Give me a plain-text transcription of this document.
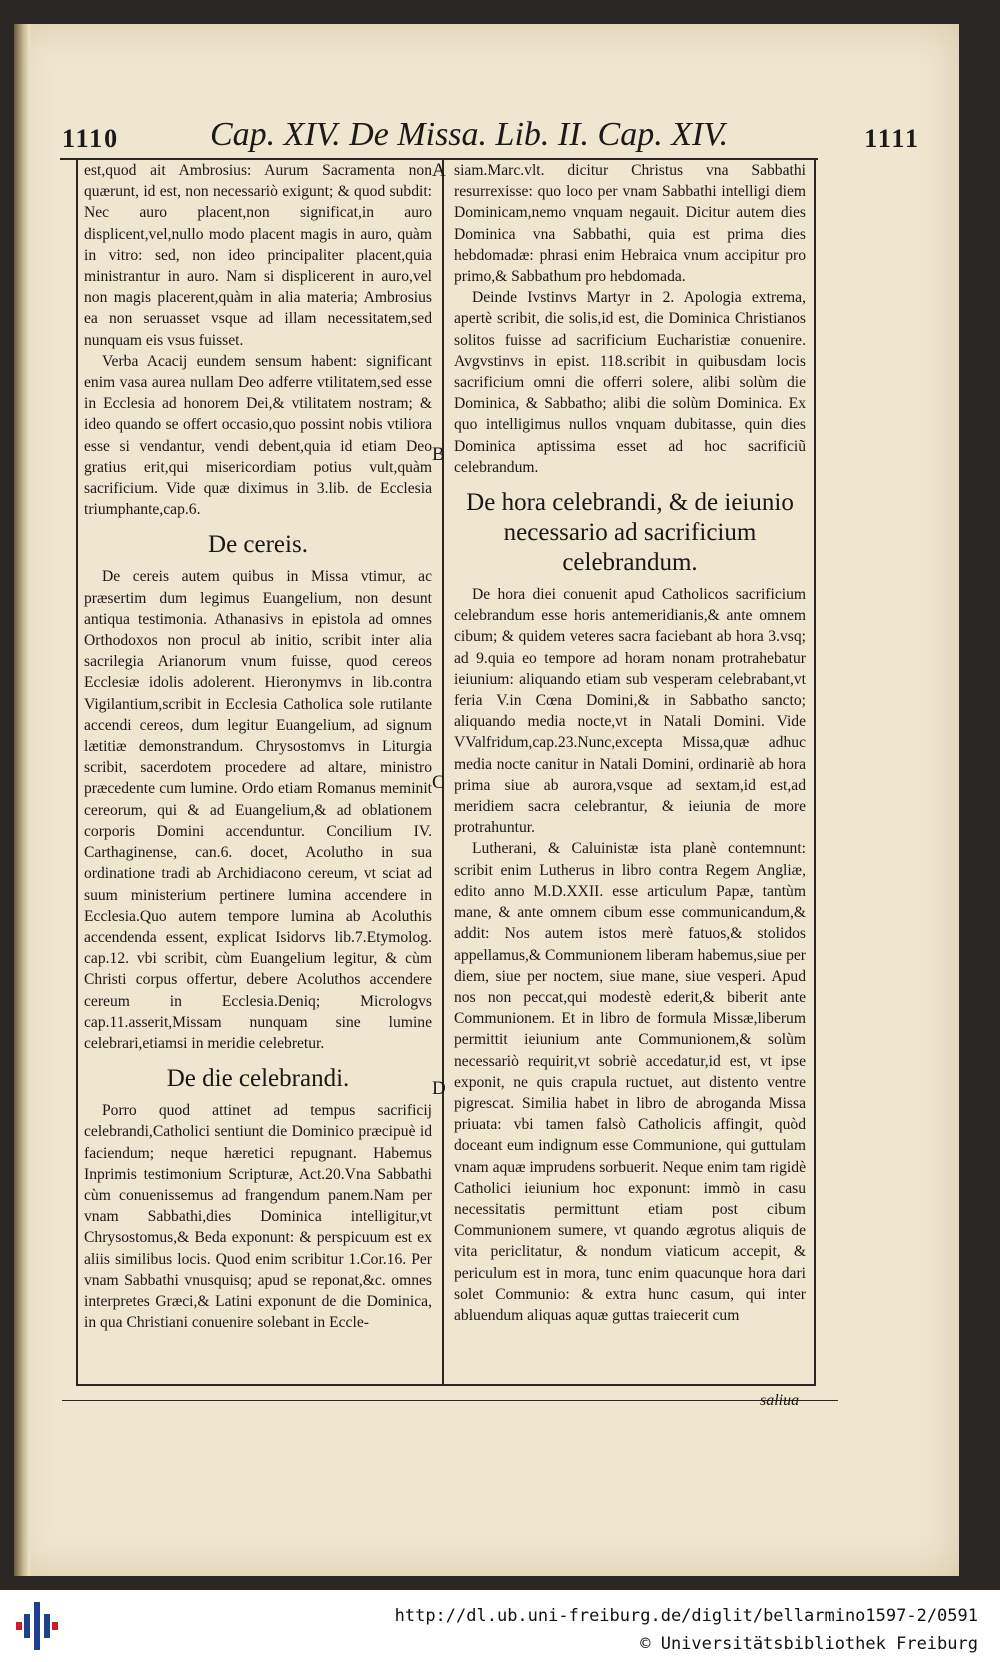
1110	Cap. XIV. De Missa. Lib. II. Cap. XIV.	1111
A
B
C
D

est,quod ait Ambrosius: Aurum Sacramenta non quærunt, id est, non necessariò exigunt; & quod subdit: Nec auro placent,non significat,in auro displicent,vel,nullo modo placent magis in auro, quàm in vitro: sed, non ideo principaliter placent,quia ministrantur in auro. Nam si displicerent in auro,vel non magis placerent,quàm in alia materia; Ambrosius ea non seruasset vsque ad illam necessitatem,sed nunquam eis vsus fuisset.

Verba Acacij eundem sensum habent: significant enim vasa aurea nullam Deo adferre vtilitatem,sed esse in Ecclesia ad honorem Dei,& vtilitatem nostram; & ideo quando se offert occasio,quo possint nobis vtiliora esse si vendantur, vendi debent,quia id etiam Deo gratius erit,qui misericordiam potius vult,quàm sacrificium. Vide quæ diximus in 3.lib. de Ecclesia triumphante,cap.6.

De cereis.

De cereis autem quibus in Missa vtimur, ac præsertim dum legimus Euangelium, non desunt antiqua testimonia. Athanasivs in epistola ad omnes Orthodoxos non procul ab initio, scribit inter alia sacrilegia Arianorum vnum fuisse, quod cereos Ecclesiæ idolis adolerent. Hieronymvs in lib.contra Vigilantium,scribit in Ecclesia Catholica sole rutilante accendi cereos, dum legitur Euangelium, ad signum lætitiæ demonstrandum. Chrysostomvs in Liturgia scribit, sacerdotem procedere ad altare, ministro præcedente cum lumine. Ordo etiam Romanus meminit cereorum, qui & ad Euangelium,& ad oblationem corporis Domini accenduntur. Concilium IV. Carthaginense, can.6. docet, Acolutho in sua ordinatione tradi ab Archidiacono cereum, vt sciat ad suum ministerium pertinere lumina accendere in Ecclesia.Quo autem tempore lumina ab Acoluthis accendenda essent, explicat Isidorvs lib.7.Etymolog. cap.12. vbi scribit, cùm Euangelium legitur, & cùm Christi corpus offertur, debere Acoluthos accendere cereum in Ecclesia.Deniq; Micrologvs cap.11.asserit,Missam nunquam sine lumine celebrari,etiamsi in meridie celebretur.

De die celebrandi.

Porro quod attinet ad tempus sacrificij celebrandi,Catholici sentiunt die Dominico præcipuè id faciendum; neque hæretici repugnant. Habemus Inprimis testimonium Scripturæ, Act.20.Vna Sabbathi cùm conuenissemus ad frangendum panem.Nam per vnam Sabbathi,dies Dominica intelligitur,vt Chrysostomus,& Beda exponunt: & perspicuum est ex aliis similibus locis. Quod enim scribitur 1.Cor.16. Per vnam Sabbathi vnusquisq; apud se reponat,&c. omnes interpretes Græci,& Latini exponunt de die Dominica, in qua Christiani conuenire solebant in Eccle-

siam.Marc.vlt. dicitur Christus vna Sabbathi resurrexisse: quo loco per vnam Sabbathi intelligi diem Dominicam,nemo vnquam negauit. Dicitur autem dies Dominica vna Sabbathi, quia est prima dies hebdomadæ: phrasi enim Hebraica vnum accipitur pro primo,& Sabbathum pro hebdomada.

Deinde Ivstinvs Martyr in 2. Apologia extrema, apertè scribit, die solis,id est, die Dominica Christianos solitos fuisse ad sacrificium Eucharistiæ conuenire. Avgvstinvs in epist. 118.scribit in quibusdam locis sacrificium omni die offerri solere, alibi solùm die Dominica, & Sabbatho; alibi die solùm Dominica. Ex quo intelligimus nullos vnquam dubitasse, quin dies Dominica aptissima esset ad hoc sacrificiũ celebrandum.

De hora celebrandi, & de ieiunio necessario ad sacrificium celebrandum.

De hora diei conuenit apud Catholicos sacrificium celebrandum esse horis antemeridianis,& ante omnem cibum; & quidem veteres sacra faciebant ab hora 3.vsq; ad 9.quia eo tempore ad horam nonam protrahebatur ieiunium: aliquando etiam sub vesperam celebrabant,vt feria V.in Cœna Domini,& in Sabbatho sancto; aliquando media nocte,vt in Natali Domini. Vide VValfridum,cap.23.Nunc,excepta Missa,quæ adhuc media nocte canitur in Natali Domini, ordinariè ab hora prima siue ab aurora,vsque ad sextam,id est,ad meridiem sacra celebrantur, & ieiunia de more protrahuntur.

Lutherani, & Caluinistæ ista planè contemnunt: scribit enim Lutherus in libro contra Regem Angliæ, edito anno M.D.XXII. esse articulum Papæ, tantùm mane, & ante omnem cibum esse communicandum,& addit: Nos autem istos merè fatuos,& stolidos appellamus,& Communionem liberam habemus,siue per diem, siue per noctem, siue mane, siue vesperi. Apud nos non peccat,qui modestè ederit,& biberit ante Communionem. Et in libro de formula Missæ,liberum permittit ieiunium ante Communionem,& solùm necessariò requirit,vt sobriè accedatur,id est, vt ipse exponit, ne quis crapula ructuet, aut distento ventre pigrescat. Similia habet in libro de abroganda Missa priuata: vbi tamen falsò Catholicis affingit, quòd doceant eum indignum esse Communione, qui guttulam vnam aquæ imprudens sorbuerit. Neque enim tam rigidè Catholici ieiunium hoc exponunt: immò in casu necessitatis permittunt etiam post cibum Communionem sumere, vt quando ægrotus aliquis de vita periclitatur, & nondum viaticum accepit, & periculum est in mora, tunc enim quacunque hora dari solet Communio: & extra hunc casum, qui inter abluendum aliquas aquæ guttas traiecerit cum

saliua
http://dl.ub.uni-freiburg.de/diglit/bellarmino1597-2/0591
© Universitätsbibliothek Freiburg
